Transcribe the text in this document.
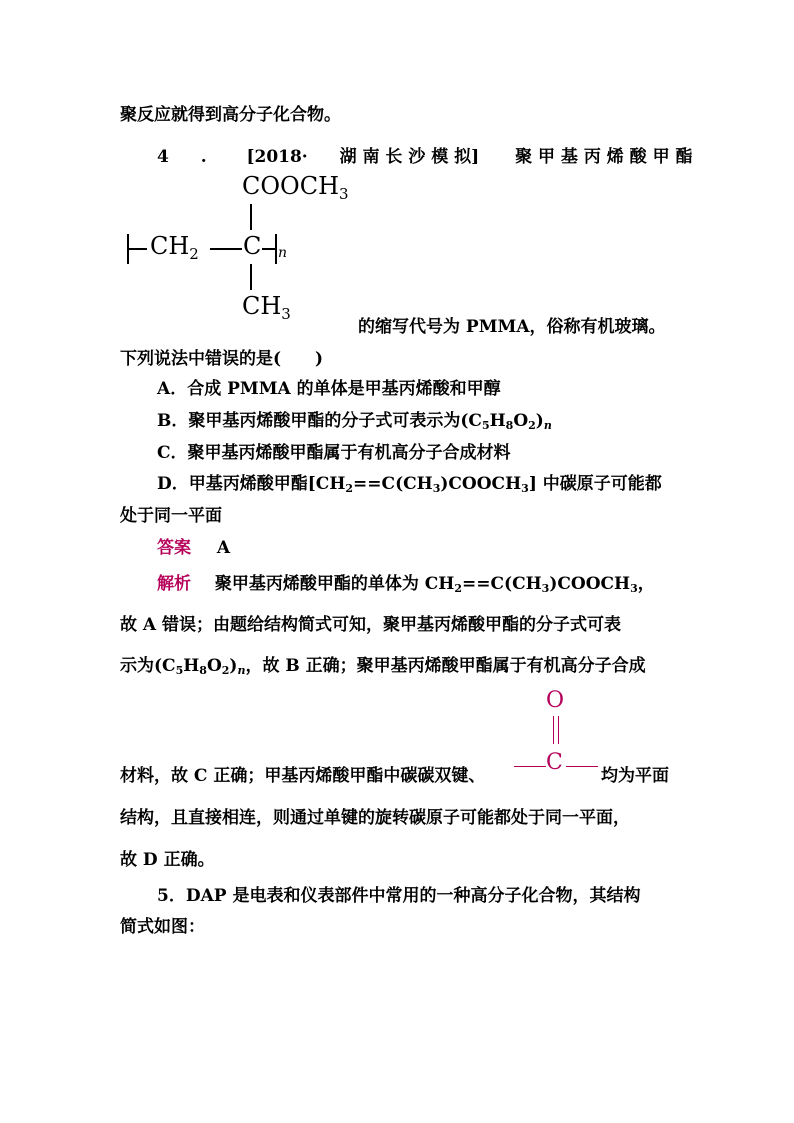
聚反应就得到高分子化合物。
4 . [2018· 湖 南 长 沙 模 拟] 聚 甲 基 丙 烯 酸 甲 酯
$COOCH_3$
$CH_2$ C n
$CH_3$
的缩写代号为 PMMA，俗称有机玻璃。
下列说法中错误的是(　　)
A．合成 PMMA 的单体是甲基丙烯酸和甲醇
B．聚甲基丙烯酸甲酯的分子式可表示为$(C_5H_8O_2)_n$
C．聚甲基丙烯酸甲酯属于有机高分子合成材料
D．甲基丙烯酸甲酯$[CH_2==C(CH_3)COOCH_3]$ 中碳原子可能都
处于同一平面
答案 A
解析 聚甲基丙烯酸甲酯的单体为 $CH_2==C(CH_3)COOCH_3$，
故 A 错误；由题给结构简式可知，聚甲基丙烯酸甲酯的分子式可表
示为$(C_5H_8O_2)_n$，故 B 正确；聚甲基丙烯酸甲酯属于有机高分子合成
O
C
材料，故 C 正确；甲基丙烯酸甲酯中碳碳双键、	均为平面
结构，且直接相连，则通过单键的旋转碳原子可能都处于同一平面，
故 D 正确。
5．DAP 是电表和仪表部件中常用的一种高分子化合物，其结构
简式如图：
